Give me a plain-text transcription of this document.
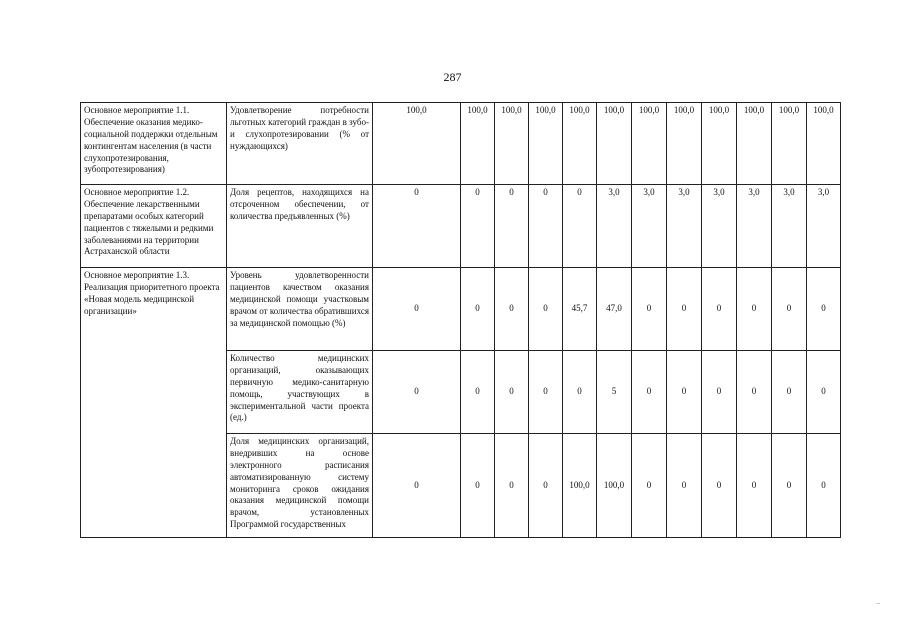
287
Основное мероприятие 1.1. Обеспечение оказания медико-социальной поддержки отдельным контингентам населения (в части слухопротезирования, зубопротезирования)	Удовлетворение потребности льготных категорий граждан в зубо- и слухопротезировании (% от нуждающихся)	100,0	100,0	100,0	100,0	100,0	100,0	100,0	100,0	100,0	100,0	100,0	100,0
Основное мероприятие 1.2. Обеспечение лекарственными препаратами особых категорий пациентов с тяжелыми и редкими заболеваниями на территории Астраханской области	Доля рецептов, находящихся на отсроченном обеспечении, от количества предъявленных (%)	0	0	0	0	0	3,0	3,0	3,0	3,0	3,0	3,0	3,0
Основное мероприятие 1.3. Реализация приоритетного проекта «Новая модель медицинской организации»	Уровень удовлетворенности пациентов качеством оказания медицинской помощи участковым врачом от количества обратившихся за медицинской помощью (%)	0	0	0	0	45,7	47,0	0	0	0	0	0	0
	Количество медицинских организаций, оказывающих первичную медико-санитарную помощь, участвующих в экспериментальной части проекта (ед.)	0	0	0	0	0	5	0	0	0	0	0	0
	Доля медицинских организаций, внедривших на основе электронного расписания автоматизированную систему мониторинга сроков ожидания оказания медицинской помощи врачом, установленных Программой государственных	0	0	0	0	100,0	100,0	0	0	0	0	0	0
